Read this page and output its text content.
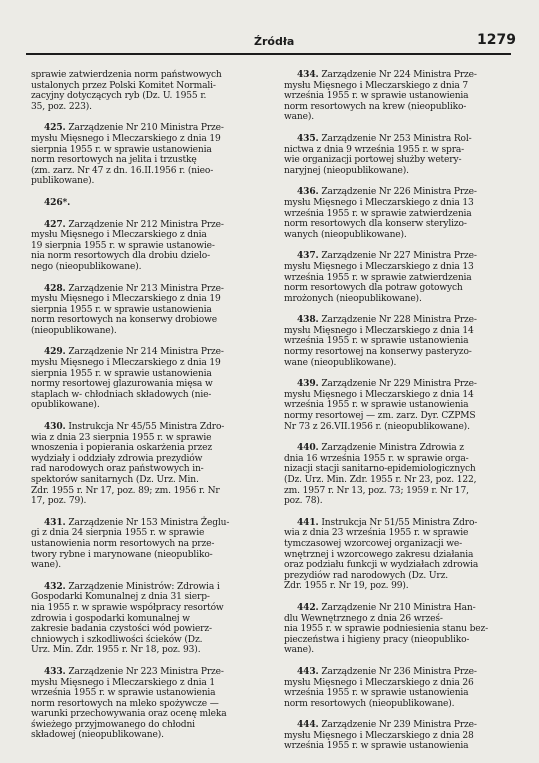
Źródła	1279
sprawie zatwierdzenia norm państwowych
ustalonych przez Polski Komitet Normali-
zacyjny dotyczących ryb (Dz. U. 1955 r.
35, poz. 223).
425. Zarządzenie Nr 210 Ministra Prze-
mysłu Mięsnego i Mleczarskiego z dnia 19
sierpnia 1955 r. w sprawie ustanowienia
norm resortowych na jelita i trzustkę
(zm. zarz. Nr 47 z dn. 16.II.1956 r. (nieo-
publikowane).
426*.
427. Zarządzenie Nr 212 Ministra Prze-
mysłu Mięsnego i Mleczarskiego z dnia
19 sierpnia 1955 r. w sprawie ustanowie-
nia norm resortowych dla drobiu dzielo-
nego (nieopublikowane).
428. Zarządzenie Nr 213 Ministra Prze-
mysłu Mięsnego i Mleczarskiego z dnia 19
sierpnia 1955 r. w sprawie ustanowienia
norm resortowych na konserwy drobiowe
(nieopublikowane).
429. Zarządzenie Nr 214 Ministra Prze-
mysłu Mięsnego i Mleczarskiego z dnia 19
sierpnia 1955 r. w sprawie ustanowienia
normy resortowej glazurowania mięsa w
staplach w- chłodniach składowych (nie-
opublikowane).
430. Instrukcja Nr 45/55 Ministra Zdro-
wia z dnia 23 sierpnia 1955 r. w sprawie
wnoszenia i popierania oskarżenia przez
wydziały i oddziały zdrowia prezydiów
rad narodowych oraz państwowych in-
spektorów sanitarnych (Dz. Urz. Min.
Zdr. 1955 r. Nr 17, poz. 89; zm. 1956 r. Nr
17, poz. 79).
431. Zarządzenie Nr 153 Ministra Żeglu-
gi z dnia 24 sierpnia 1955 r. w sprawie
ustanowienia norm resortowych na prze-
twory rybne i marynowane (nieopubliko-
wane).
432. Zarządzenie Ministrów: Zdrowia i
Gospodarki Komunalnej z dnia 31 sierp-
nia 1955 r. w sprawie współpracy resortów
zdrowia i gospodarki komunalnej w
zakresie badania czystości wód powierz-
chniowych i szkodliwości ścieków (Dz.
Urz. Min. Zdr. 1955 r. Nr 18, poz. 93).
433. Zarządzenie Nr 223 Ministra Prze-
mysłu Mięsnego i Mleczarskiego z dnia 1
września 1955 r. w sprawie ustanowienia
norm resortowych na mleko spożywcze —
warunki przechowywania oraz ocenę mleka
świeżego przyjmowanego do chłodni
składowej (nieopublikowane).
434. Zarządzenie Nr 224 Ministra Prze-
mysłu Mięsnego i Mleczarskiego z dnia 7
września 1955 r. w sprawie ustanowienia
norm resortowych na krew (nieopubliko-
wane).
435. Zarządzenie Nr 253 Ministra Rol-
nictwa z dnia 9 września 1955 r. w spra-
wie organizacji portowej służby wetery-
naryjnej (nieopublikowane).
436. Zarządzenie Nr 226 Ministra Prze-
mysłu Mięsnego i Mleczarskiego z dnia 13
września 1955 r. w sprawie zatwierdzenia
norm resortowych dla konserw sterylizo-
wanych (nieopublikowane).
437. Zarządzenie Nr 227 Ministra Prze-
mysłu Mięsnego i Mleczarskiego z dnia 13
września 1955 r. w sprawie zatwierdzenia
norm resortowych dla potraw gotowych
mrożonych (nieopublikowane).
438. Zarządzenie Nr 228 Ministra Prze-
mysłu Mięsnego i Mleczarskiego z dnia 14
września 1955 r. w sprawie ustanowienia
normy resortowej na konserwy pasteryzo-
wane (nieopublikowane).
439. Zarządzenie Nr 229 Ministra Prze-
mysłu Mięsnego i Mleczarskiego z dnia 14
września 1955 r. w sprawie ustanowienia
normy resortowej — zm. zarz. Dyr. CZPMS
Nr 73 z 26.VII.1956 r. (nieopublikowane).
440. Zarządzenie Ministra Zdrowia z
dnia 16 września 1955 r. w sprawie orga-
nizacji stacji sanitarno-epidemiologicznych
(Dz. Urz. Min. Zdr. 1955 r. Nr 23, poz. 122,
zm. 1957 r. Nr 13, poz. 73; 1959 r. Nr 17,
poz. 78).
441. Instrukcja Nr 51/55 Ministra Zdro-
wia z dnia 23 września 1955 r. w sprawie
tymczasowej wzorcowej organizacji we-
wnętrznej i wzorcowego zakresu działania
oraz podziału funkcji w wydziałach zdrowia
prezydiów rad narodowych (Dz. Urz.
Zdr. 1955 r. Nr 19, poz. 99).
442. Zarządzenie Nr 210 Ministra Han-
dlu Wewnętrznego z dnia 26 wrześ-
nia 1955 r. w sprawie podniesienia stanu bez-
pieczeństwa i higieny pracy (nieopubliko-
wane).
443. Zarządzenie Nr 236 Ministra Prze-
mysłu Mięsnego i Mleczarskiego z dnia 26
września 1955 r. w sprawie ustanowienia
norm resortowych (nieopublikowane).
444. Zarządzenie Nr 239 Ministra Prze-
mysłu Mięsnego i Mleczarskiego z dnia 28
września 1955 r. w sprawie ustanowienia
